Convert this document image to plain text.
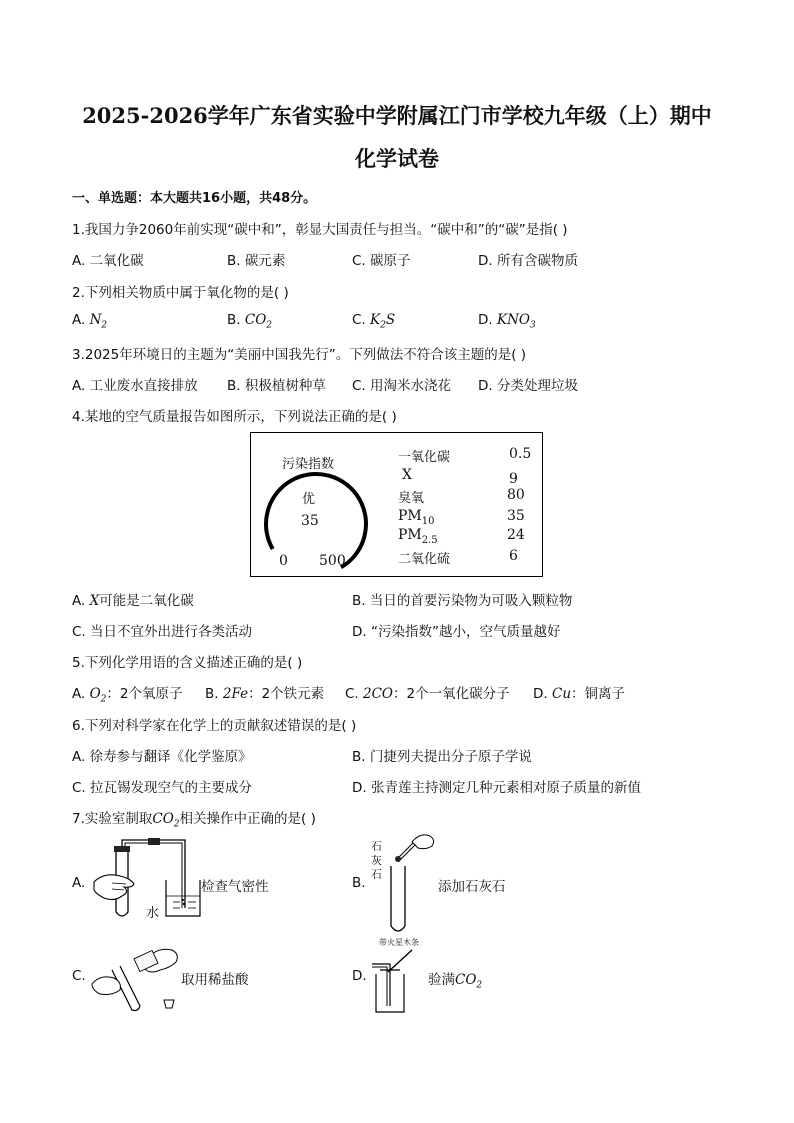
2025-2026学年广东省实验中学附属江门市学校九年级（上）期中
化学试卷
一、单选题：本大题共16小题，共48分。
1.我国力争2060年前实现“碳中和”，彰显大国责任与担当。“碳中和”的“碳”是指( )
A. 二氧化碳	B. 碳元素	C. 碳原子	D. 所有含碳物质
2.下列相关物质中属于氧化物的是( )
A. $N_2$	B. $CO_2$	C. $K_2S$	D. $KNO_3$
3.2025年环境日的主题为“美丽中国我先行”。下列做法不符合该主题的是( )
A. 工业废水直接排放 B. 积极植树种草 C. 用淘米水浇花 D. 分类处理垃圾
4.某地的空气质量报告如图所示，下列说法正确的是( )
污染指数
优
35
0 500
一氧化碳	0.5
X	9
臭氧	80
$PM_{10}$	35
$PM_{2.5}$	24
二氧化硫	6
A. X可能是二氧化碳	B. 当日的首要污染物为可吸入颗粒物
C. 当日不宜外出进行各类活动	D. “污染指数”越小，空气质量越好
5.下列化学用语的含义描述正确的是( )
A. $O_2$：2个氧原子 B. 2Fe：2个铁元素 C. 2CO：2个一氧化碳分子 D. Cu：铜离子
6.下列对科学家在化学上的贡献叙述错误的是( )
A. 徐寿参与翻译《化学鉴原》	B. 门捷列夫提出分子原子学说
C. 拉瓦锡发现空气的主要成分	D. 张青莲主持测定几种元素相对原子质量的新值
7.实验室制取$CO_2$相关操作中正确的是( )
A.
水
检查气密性	B.
石
灰
石
添加石灰石
C.	取用稀盐酸	D.
带火星木条
验满$CO_2$
